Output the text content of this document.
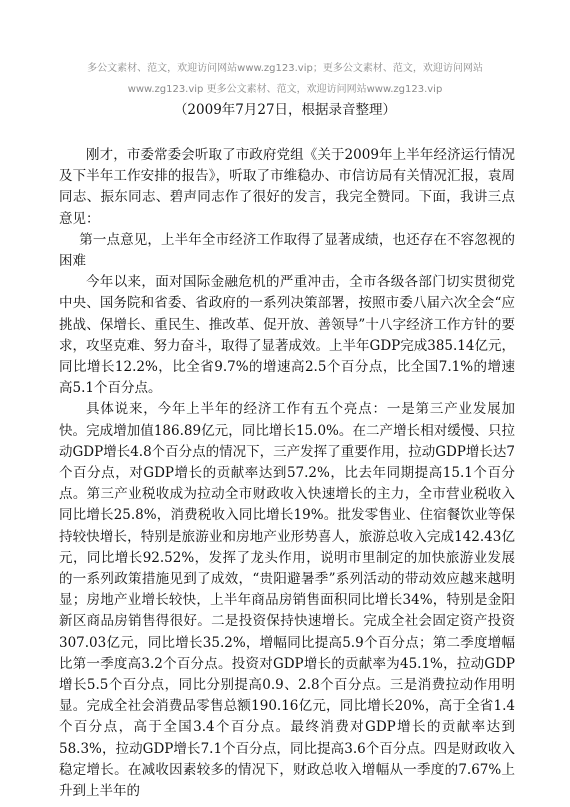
多公文素材、范文，欢迎访问网站www.zg123.vip；更多公文素材、范文，欢迎访问网站www.zg123.vip 更多公文素材、范文，欢迎访问网站www.zg123.vip
（2009年7月27日，根据录音整理）

刚才，市委常委会听取了市政府党组《关于2009年上半年经济运行情况及下半年工作安排的报告》，听取了市维稳办、市信访局有关情况汇报，袁周同志、振东同志、碧声同志作了很好的发言，我完全赞同。下面，我讲三点意见：

第一点意见，上半年全市经济工作取得了显著成绩，也还存在不容忽视的困难

今年以来，面对国际金融危机的严重冲击，全市各级各部门切实贯彻党中央、国务院和省委、省政府的一系列决策部署，按照市委八届六次全会“应挑战、保增长、重民生、推改革、促开放、善领导”十八字经济工作方针的要求，攻坚克难、努力奋斗，取得了显著成效。上半年GDP完成385.14亿元，同比增长12.2%，比全省9.7%的增速高2.5个百分点，比全国7.1%的增速高5.1个百分点。

具体说来，今年上半年的经济工作有五个亮点：一是第三产业发展加快。完成增加值186.89亿元，同比增长15.0%。在二产增长相对缓慢、只拉动GDP增长4.8个百分点的情况下，三产发挥了重要作用，拉动GDP增长达7个百分点，对GDP增长的贡献率达到57.2%，比去年同期提高15.1个百分点。第三产业税收成为拉动全市财政收入快速增长的主力，全市营业税收入同比增长25.8%，消费税收入同比增长19%。批发零售业、住宿餐饮业等保持较快增长，特别是旅游业和房地产业形势喜人，旅游总收入完成142.43亿元，同比增长92.52%，发挥了龙头作用，说明市里制定的加快旅游业发展的一系列政策措施见到了成效，“贵阳避暑季”系列活动的带动效应越来越明显；房地产业增长较快，上半年商品房销售面积同比增长34%，特别是金阳新区商品房销售得很好。二是投资保持快速增长。完成全社会固定资产投资307.03亿元，同比增长35.2%，增幅同比提高5.9个百分点；第二季度增幅比第一季度高3.2个百分点。投资对GDP增长的贡献率为45.1%，拉动GDP增长5.5个百分点，同比分别提高0.9、2.8个百分点。三是消费拉动作用明显。完成全社会消费品零售总额190.16亿元，同比增长20%，高于全省1.4个百分点，高于全国3.4个百分点。最终消费对GDP增长的贡献率达到58.3%，拉动GDP增长7.1个百分点，同比提高3.6个百分点。四是财政收入稳定增长。在减收因素较多的情况下，财政总收入增幅从一季度的7.67%上升到上半年的
